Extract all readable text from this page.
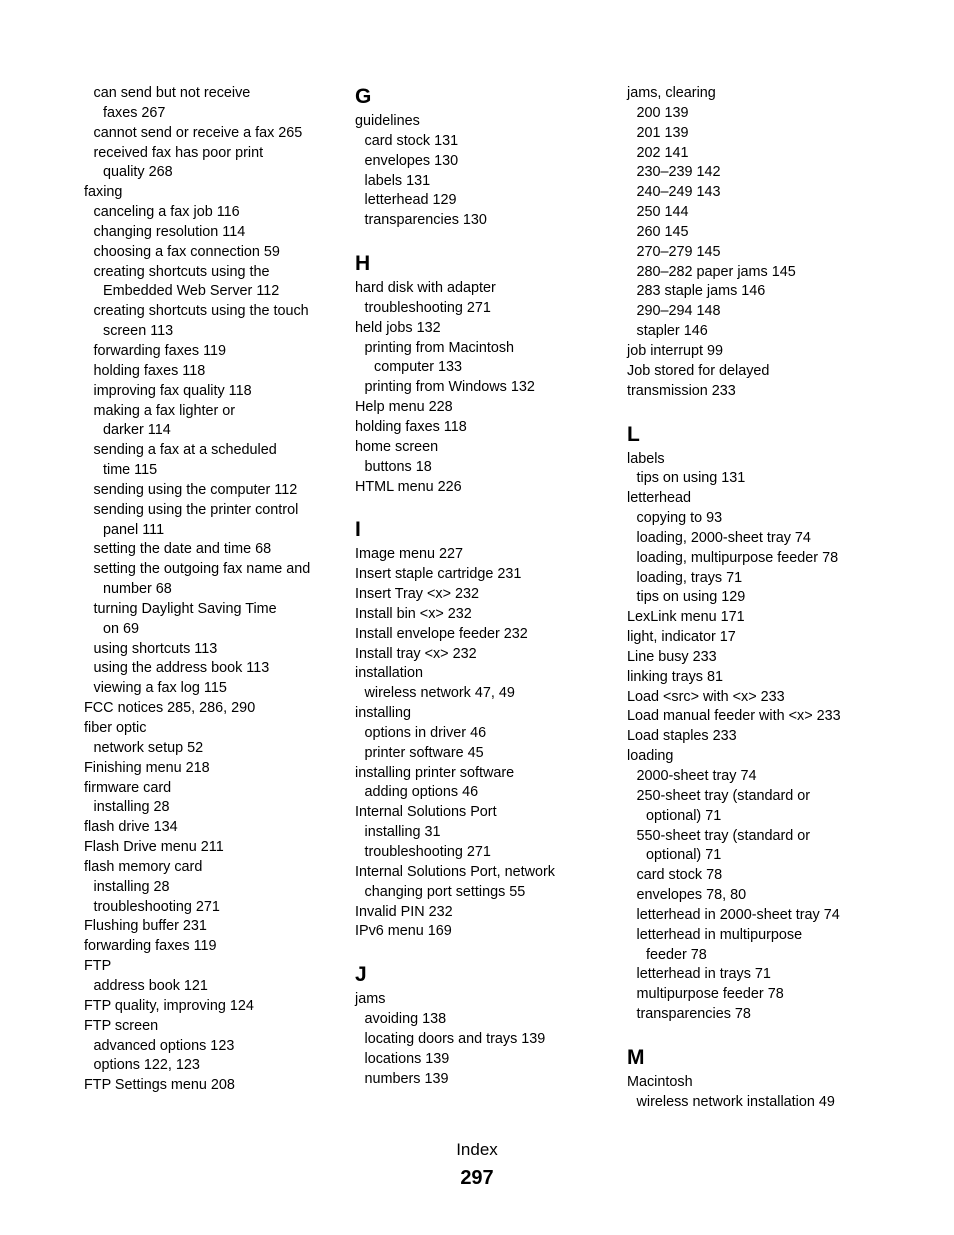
can send but not receive
faxes 267
cannot send or receive a fax 265
received fax has poor print
quality 268
faxing
canceling a fax job 116
changing resolution 114
choosing a fax connection 59
creating shortcuts using the
Embedded Web Server 112
creating shortcuts using the touch
screen 113
forwarding faxes 119
holding faxes 118
improving fax quality 118
making a fax lighter or
darker 114
sending a fax at a scheduled
time 115
sending using the computer 112
sending using the printer control
panel 111
setting the date and time 68
setting the outgoing fax name and
number 68
turning Daylight Saving Time
on 69
using shortcuts 113
using the address book 113
viewing a fax log 115
FCC notices 285, 286, 290
fiber optic
network setup 52
Finishing menu 218
firmware card
installing 28
flash drive 134
Flash Drive menu 211
flash memory card
installing 28
troubleshooting 271
Flushing buffer 231
forwarding faxes 119
FTP
address book 121
FTP quality, improving 124
FTP screen
advanced options 123
options 122, 123
FTP Settings menu 208
G
guidelines
card stock 131
envelopes 130
labels 131
letterhead 129
transparencies 130
H
hard disk with adapter
troubleshooting 271
held jobs 132
printing from Macintosh
computer 133
printing from Windows 132
Help menu 228
holding faxes 118
home screen
buttons 18
HTML menu 226
I
Image menu 227
Insert staple cartridge 231
Insert Tray <x> 232
Install bin <x> 232
Install envelope feeder 232
Install tray <x> 232
installation
wireless network 47, 49
installing
options in driver 46
printer software 45
installing printer software
adding options 46
Internal Solutions Port
installing 31
troubleshooting 271
Internal Solutions Port, network
changing port settings 55
Invalid PIN 232
IPv6 menu 169
J
jams
avoiding 138
locating doors and trays 139
locations 139
numbers 139
jams, clearing
200 139
201 139
202 141
230–239 142
240–249 143
250 144
260 145
270–279 145
280–282 paper jams 145
283 staple jams 146
290–294 148
stapler 146
job interrupt 99
Job stored for delayed
transmission 233
L
labels
tips on using 131
letterhead
copying to 93
loading, 2000-sheet tray 74
loading, multipurpose feeder 78
loading, trays 71
tips on using 129
LexLink menu 171
light, indicator 17
Line busy 233
linking trays 81
Load <src> with <x> 233
Load manual feeder with <x> 233
Load staples 233
loading
2000-sheet tray 74
250-sheet tray (standard or
optional) 71
550-sheet tray (standard or
optional) 71
card stock 78
envelopes 78, 80
letterhead in 2000-sheet tray 74
letterhead in multipurpose
feeder 78
letterhead in trays 71
multipurpose feeder 78
transparencies 78
M
Macintosh
wireless network installation 49
Index
297
